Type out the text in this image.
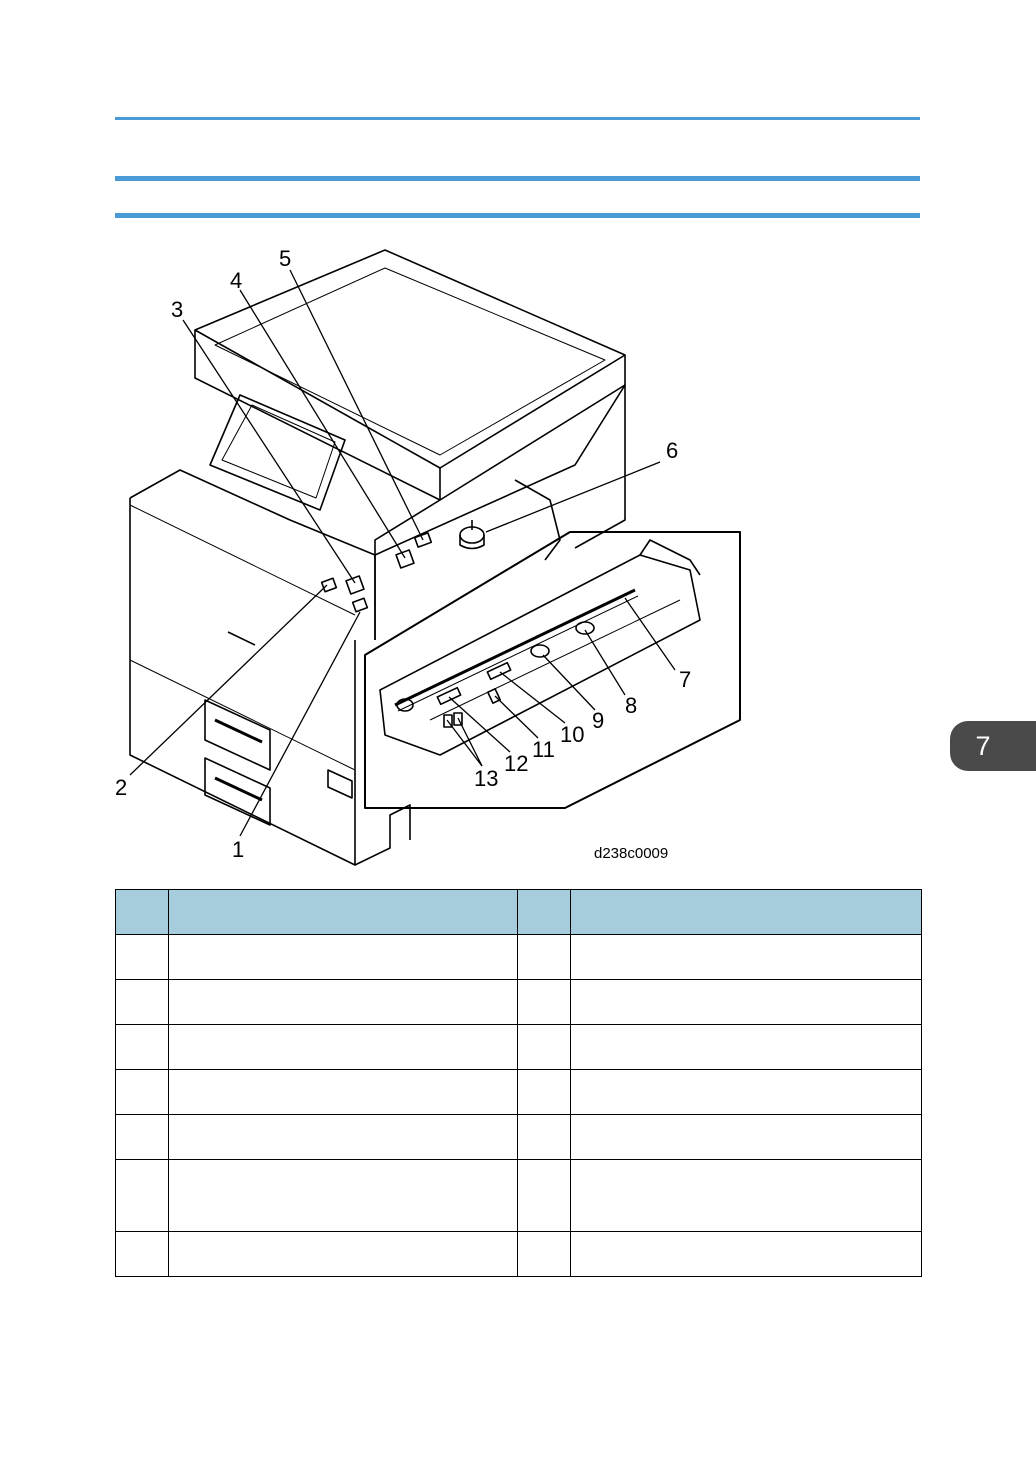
1
2
3
4
5
6
7
8
9
10
11
12
13
d238c0009

7
